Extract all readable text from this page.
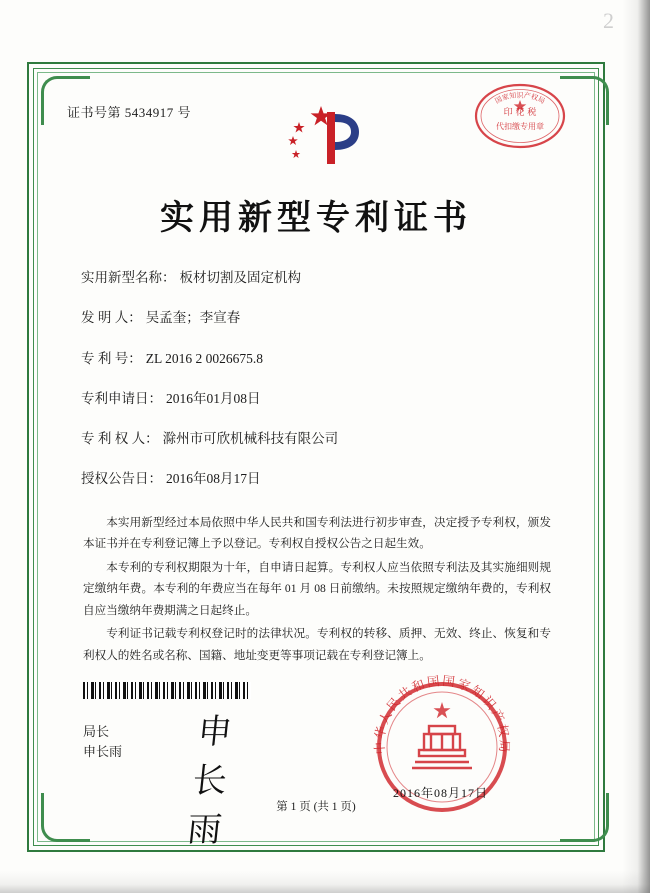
2
证书号第 5434917 号
国家知识产权局
印 花 税
代扣缴专用章
实用新型专利证书
实用新型名称： 板材切割及固定机构
发 明 人： 吴孟奎；李宣春
专 利 号： ZL 2016 2 0026675.8
专利申请日： 2016年01月08日
专 利 权 人： 滁州市可欣机械科技有限公司
授权公告日： 2016年08月17日

本实用新型经过本局依照中华人民共和国专利法进行初步审查，决定授予专利权，颁发本证书并在专利登记簿上予以登记。专利权自授权公告之日起生效。

本专利的专利权期限为十年，自申请日起算。专利权人应当依照专利法及其实施细则规定缴纳年费。本专利的年费应当在每年 01 月 08 日前缴纳。未按照规定缴纳年费的，专利权自应当缴纳年费期满之日起终止。

专利证书记载专利权登记时的法律状况。专利权的转移、质押、无效、终止、恢复和专利权人的姓名或名称、国籍、地址变更等事项记载在专利登记簿上。

局长
申长雨	申长雨
中华人民共和国国家知识产权局
2016年08月17日
第 1 页 (共 1 页)
